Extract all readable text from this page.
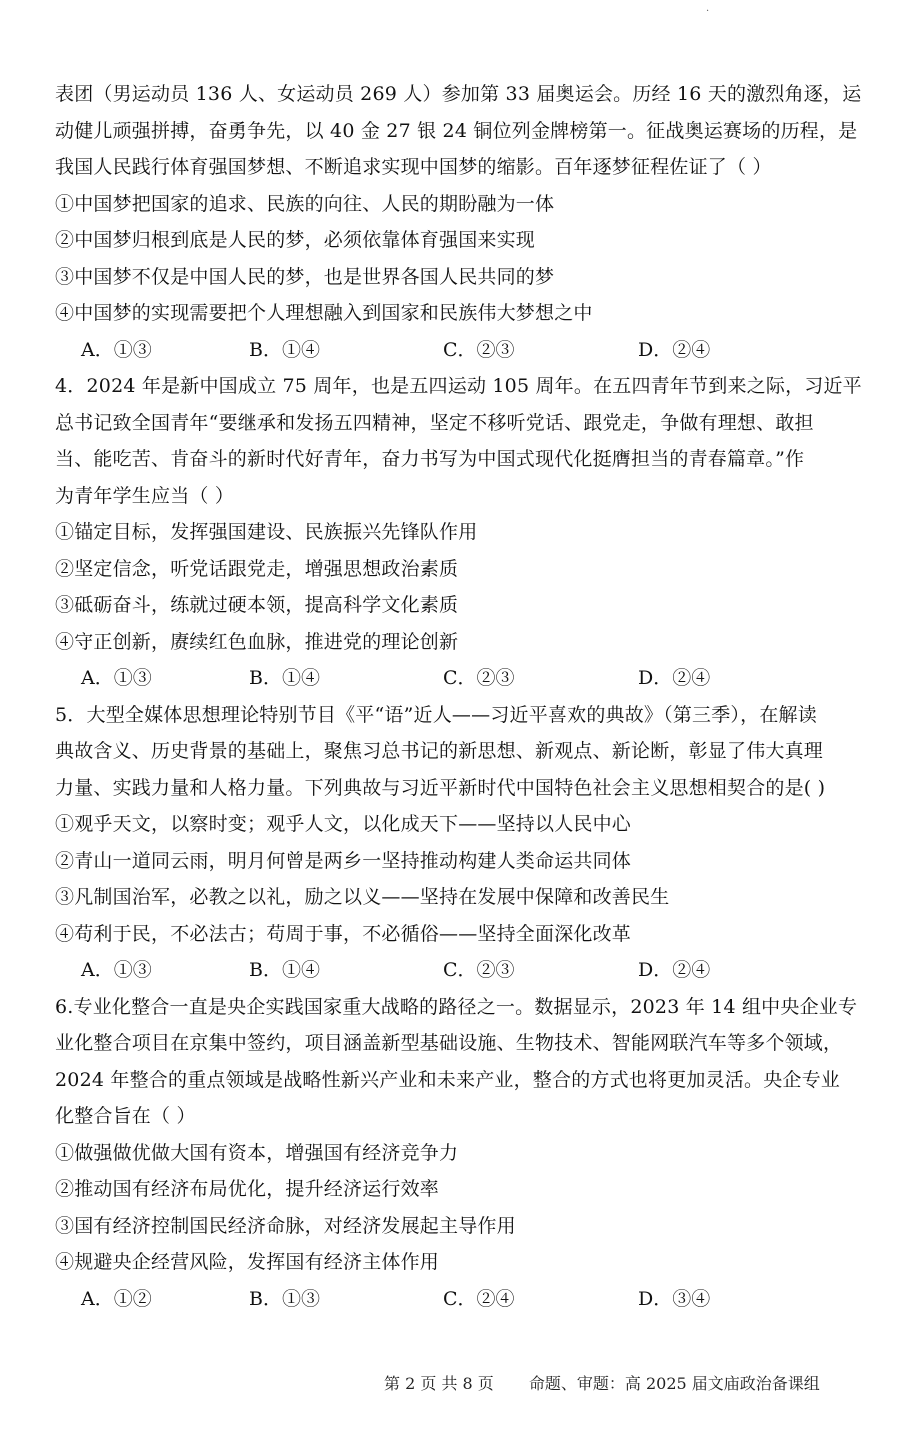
·
表团（男运动员 136 人、女运动员 269 人）参加第 33 届奥运会。历经 16 天的激烈角逐，运
动健儿顽强拼搏，奋勇争先，以 40 金 27 银 24 铜位列金牌榜第一。征战奥运赛场的历程，是
我国人民践行体育强国梦想、不断追求实现中国梦的缩影。百年逐梦征程佐证了（ ）
①中国梦把国家的追求、民族的向往、人民的期盼融为一体
②中国梦归根到底是人民的梦，必须依靠体育强国来实现
③中国梦不仅是中国人民的梦，也是世界各国人民共同的梦
④中国梦的实现需要把个人理想融入到国家和民族伟大梦想之中
A．①③	B．①④	C．②③	D．②④
4．2024 年是新中国成立 75 周年，也是五四运动 105 周年。在五四青年节到来之际，习近平
总书记致全国青年“要继承和发扬五四精神，坚定不移听党话、跟党走，争做有理想、敢担
当、能吃苦、肯奋斗的新时代好青年，奋力书写为中国式现代化挺膺担当的青春篇章。”作
为青年学生应当（ ）
①锚定目标，发挥强国建设、民族振兴先锋队作用
②坚定信念，听党话跟党走，增强思想政治素质
③砥砺奋斗，练就过硬本领，提高科学文化素质
④守正创新，赓续红色血脉，推进党的理论创新
A．①③	B．①④	C．②③	D．②④
5．大型全媒体思想理论特别节目《平“语”近人——习近平喜欢的典故》（第三季），在解读
典故含义、历史背景的基础上，聚焦习总书记的新思想、新观点、新论断，彰显了伟大真理
力量、实践力量和人格力量。下列典故与习近平新时代中国特色社会主义思想相契合的是( )
①观乎天文，以察时变；观乎人文，以化成天下——坚持以人民中心
②青山一道同云雨，明月何曾是两乡一坚持推动构建人类命运共同体
③凡制国治军，必教之以礼，励之以义——坚持在发展中保障和改善民生
④苟利于民，不必法古；苟周于事，不必循俗——坚持全面深化改革
A．①③	B．①④	C．②③	D．②④
6.专业化整合一直是央企实践国家重大战略的路径之一。数据显示，2023 年 14 组中央企业专
业化整合项目在京集中签约，项目涵盖新型基础设施、生物技术、智能网联汽车等多个领域，
2024 年整合的重点领域是战略性新兴产业和未来产业，整合的方式也将更加灵活。央企专业
化整合旨在（ ）
①做强做优做大国有资本，增强国有经济竞争力
②推动国有经济布局优化，提升经济运行效率
③国有经济控制国民经济命脉，对经济发展起主导作用
④规避央企经营风险，发挥国有经济主体作用
A．①②	B．①③	C．②④	D．③④
第 2 页 共 8 页 命题、审题：高 2025 届文庙政治备课组
